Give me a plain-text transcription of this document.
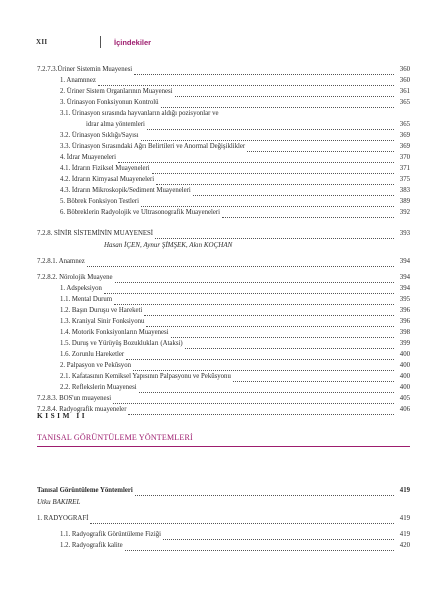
XII	İçindekiler
7.2.7.3.Üriner Sistemin Muayenesi	360
1. Anamnnez	360
2. Üriner Sistem Organlarının Muayenesi	361
3. Ürinasyon Fonksiyonun Kontrolü	365
3.1. Ürinasyon sırasında hayvanların aldığı pozisyonlar ve
idrar alma yöntemleri	365
3.2. Ürinasyon Sıklığı/Sayısı	369
3.3. Ürinasyon Sırasındaki Ağrı Belirtileri ve Anormal Değişiklikler	369
4. İdrar Muayeneleri	370
4.1. İdrarın Fiziksel Muayeneleri	371
4.2. İdrarın Kimyasal Muayeneleri	375
4.3. İdrarın Mikroskopik/Sediment Muayeneleri	383
5. Böbrek Fonksiyon Testleri	389
6. Böbreklerin Radyolojik ve Ultrasonografik Muayeneleri	392
7.2.8. SİNİR SİSTEMİNİN MUAYENESİ	393
Hasan İÇEN, Aynur ŞİMŞEK, Akın KOÇHAN
7.2.8.1. Anamnez	394
7.2.8.2. Nörolojik Muayene	394
1. Adspeksiyon	394
1.1. Mental Durum	395
1.2. Başın Duruşu ve Hareketi	396
1.3. Kraniyal Sinir Fonksiyonu	396
1.4. Motorik Fonksiyonların Muayenesi	398
1.5. Duruş ve Yürüyüş Bozuklukları (Ataksi)	399
1.6. Zorunlu Hareketler	400
2. Palpasyon ve Pekûsyon	400
2.1. Kafatasının Kemiksel Yapısının Palpasyonu ve Pekûsyonu	400
2.2. Reflekslerin Muayenesi	400
7.2.8.3. BOS'un muayenesi	405
7.2.8.4. Radyografik muayeneler	406
KISIM II
TANISAL GÖRÜNTÜLEME YÖNTEMLERİ
Tanısal Görüntüleme Yöntemleri	419
Utku BAKIREL
1. RADYOGRAFİ	419
1.1. Radyografik Görüntüleme Fiziği	419
1.2. Radyografik kalite	420
